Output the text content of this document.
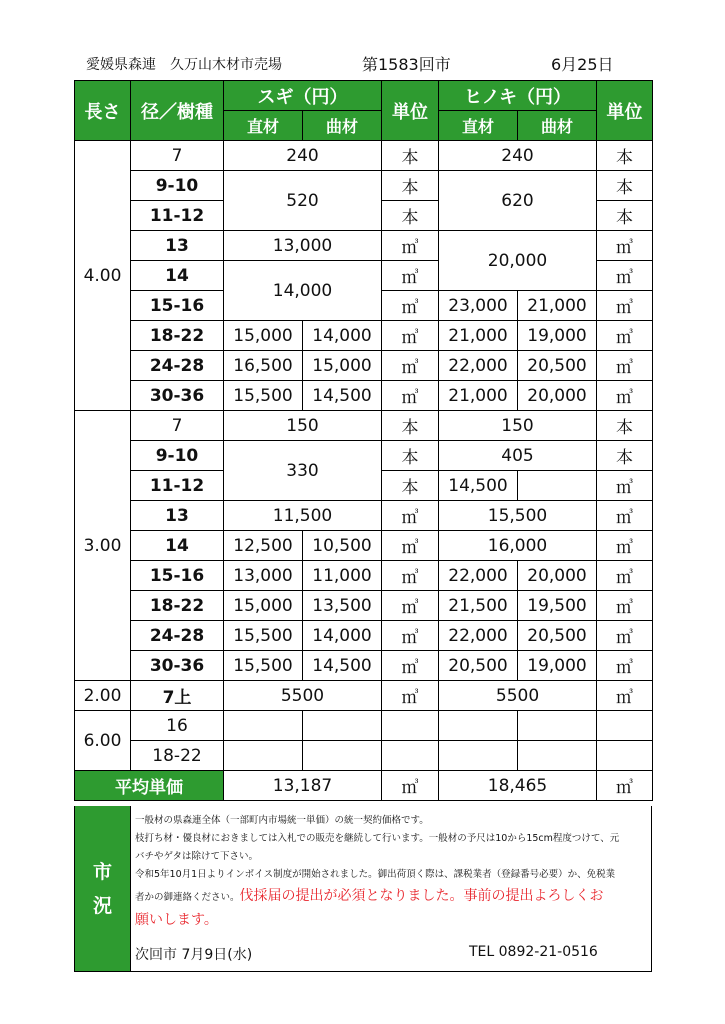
愛媛県森連　久万山木材市売場	第1583回市	6月25日
長さ	径／樹種	スギ（円）		単位	ヒノキ（円）		単位
		直材	曲材		直材	曲材	
4.00	7	240		本	240		本
	9-10	520		本	620		本
	11-12			本			本
	13	13,000		㎥	20,000		㎥
	14	14,000		㎥			㎥
	15-16			㎥	23,000	21,000	㎥
	18-22	15,000	14,000	㎥	21,000	19,000	㎥
	24-28	16,500	15,000	㎥	22,000	20,500	㎥
	30-36	15,500	14,500	㎥	21,000	20,000	㎥
3.00	7	150		本	150		本
	9-10	330		本	405		本
	11-12			本	14,500		㎥
	13	11,500		㎥	15,500		㎥
	14	12,500	10,500	㎥	16,000		㎥
	15-16	13,000	11,000	㎥	22,000	20,000	㎥
	18-22	15,000	13,500	㎥	21,500	19,500	㎥
	24-28	15,500	14,000	㎥	22,000	20,500	㎥
	30-36	15,500	14,500	㎥	20,500	19,000	㎥
2.00	7上	5500		㎥	5500		㎥
6.00	16						
	18-22						
平均単価		13,187		㎥	18,465		㎥
市
況
一般材の県森連全体（一部町内市場統一単価）の統一契約価格です。
枝打ち材・優良材におきましては入札での販売を継続して行います。一般材の予尺は10から15cm程度つけて、元
バチやゲタは除けて下さい。
令和5年10月1日よりインボイス制度が開始されました。御出荷頂く際は、課税業者（登録番号必要）か、免税業
者かの御連絡ください。伐採届の提出が必須となりました。事前の提出よろしくお
願いします。
次回市 7月9日(水)	TEL 0892-21-0516
